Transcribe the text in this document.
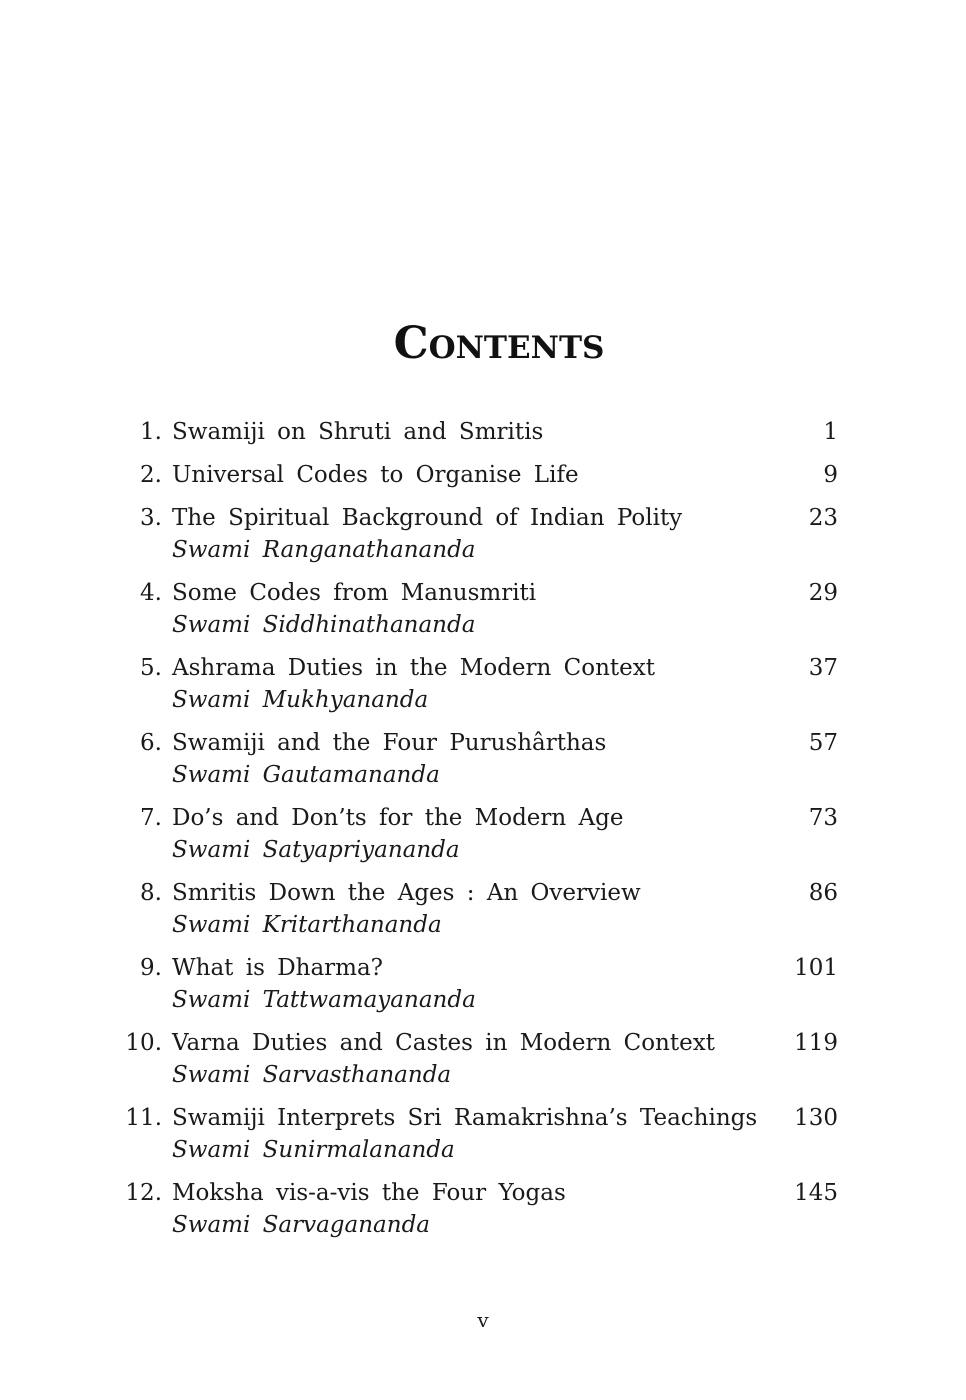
Contents
1. Swamiji on Shruti and Smritis	1
2. Universal Codes to Organise Life	9
3. The Spiritual Background of Indian Polity	23
Swami Ranganathananda
4. Some Codes from Manusmriti	29
Swami Siddhinathananda
5. Ashrama Duties in the Modern Context	37
Swami Mukhyananda
6. Swamiji and the Four Purushârthas	57
Swami Gautamananda
7. Do’s and Don’ts for the Modern Age	73
Swami Satyapriyananda
8. Smritis Down the Ages : An Overview	86
Swami Kritarthananda
9. What is Dharma?	101
Swami Tattwamayananda
10. Varna Duties and Castes in Modern Context	119
Swami Sarvasthananda
11. Swamiji Interprets Sri Ramakrishna’s Teachings 130
Swami Sunirmalananda
12. Moksha vis-a-vis the Four Yogas	145
Swami Sarvagananda
v
